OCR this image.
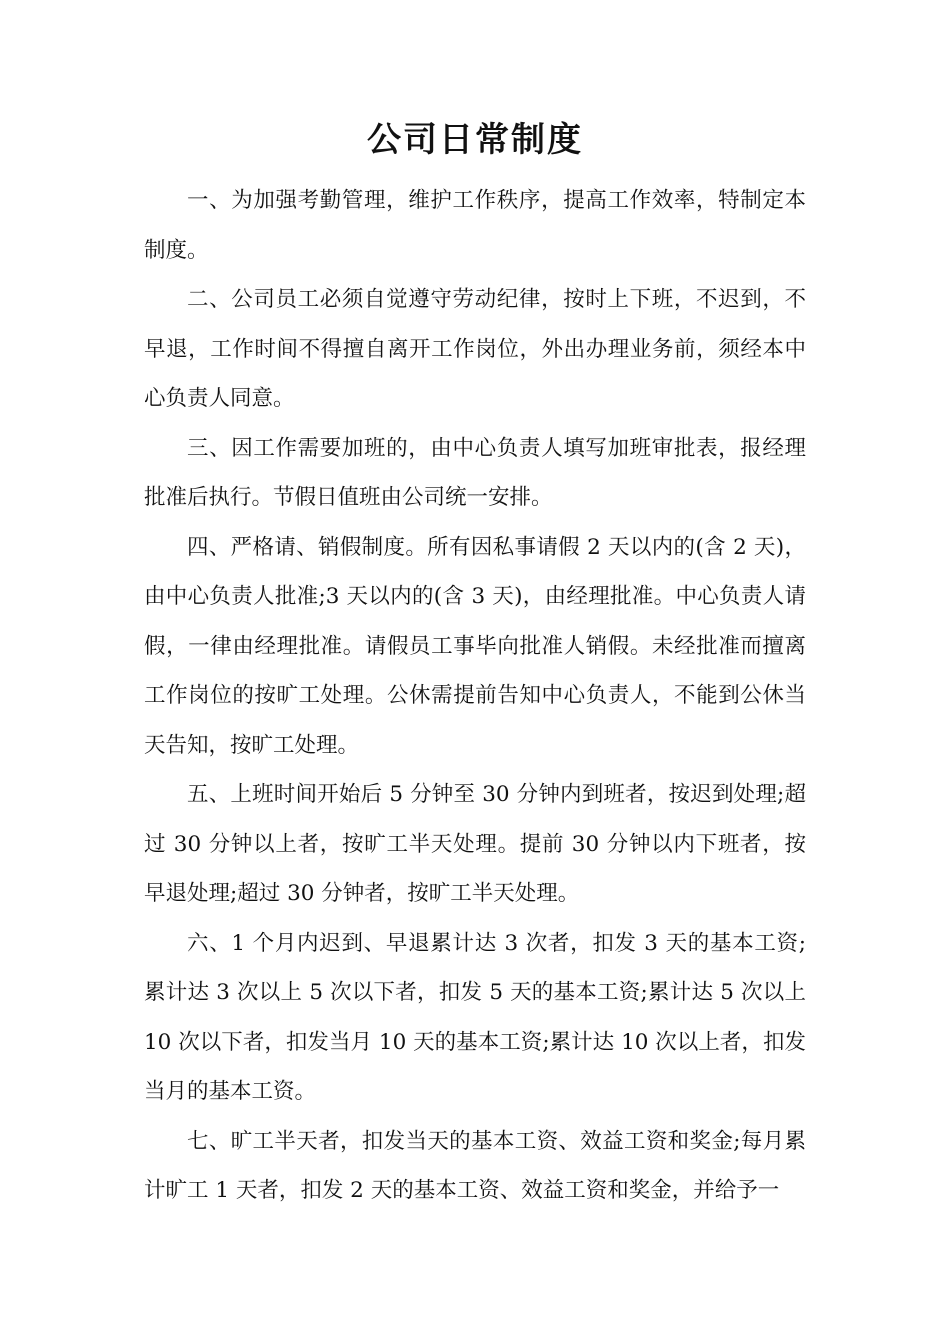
公司日常制度

一、为加强考勤管理，维护工作秩序，提高工作效率，特制定本制度。

二、公司员工必须自觉遵守劳动纪律，按时上下班，不迟到，不早退，工作时间不得擅自离开工作岗位，外出办理业务前，须经本中心负责人同意。

三、因工作需要加班的，由中心负责人填写加班审批表，报经理批准后执行。节假日值班由公司统一安排。

四、严格请、销假制度。所有因私事请假 2 天以内的(含 2 天)，由中心负责人批准;3 天以内的(含 3 天)，由经理批准。中心负责人请假，一律由经理批准。请假员工事毕向批准人销假。未经批准而擅离工作岗位的按旷工处理。公休需提前告知中心负责人，不能到公休当天告知，按旷工处理。

五、上班时间开始后 5 分钟至 30 分钟内到班者，按迟到处理;超过 30 分钟以上者，按旷工半天处理。提前 30 分钟以内下班者，按早退处理;超过 30 分钟者，按旷工半天处理。

六、1 个月内迟到、早退累计达 3 次者，扣发 3 天的基本工资;累计达 3 次以上 5 次以下者，扣发 5 天的基本工资;累计达 5 次以上10 次以下者，扣发当月 10 天的基本工资;累计达 10 次以上者，扣发当月的基本工资。

七、旷工半天者，扣发当天的基本工资、效益工资和奖金;每月累计旷工 1 天者，扣发 2 天的基本工资、效益工资和奖金，并给予一
